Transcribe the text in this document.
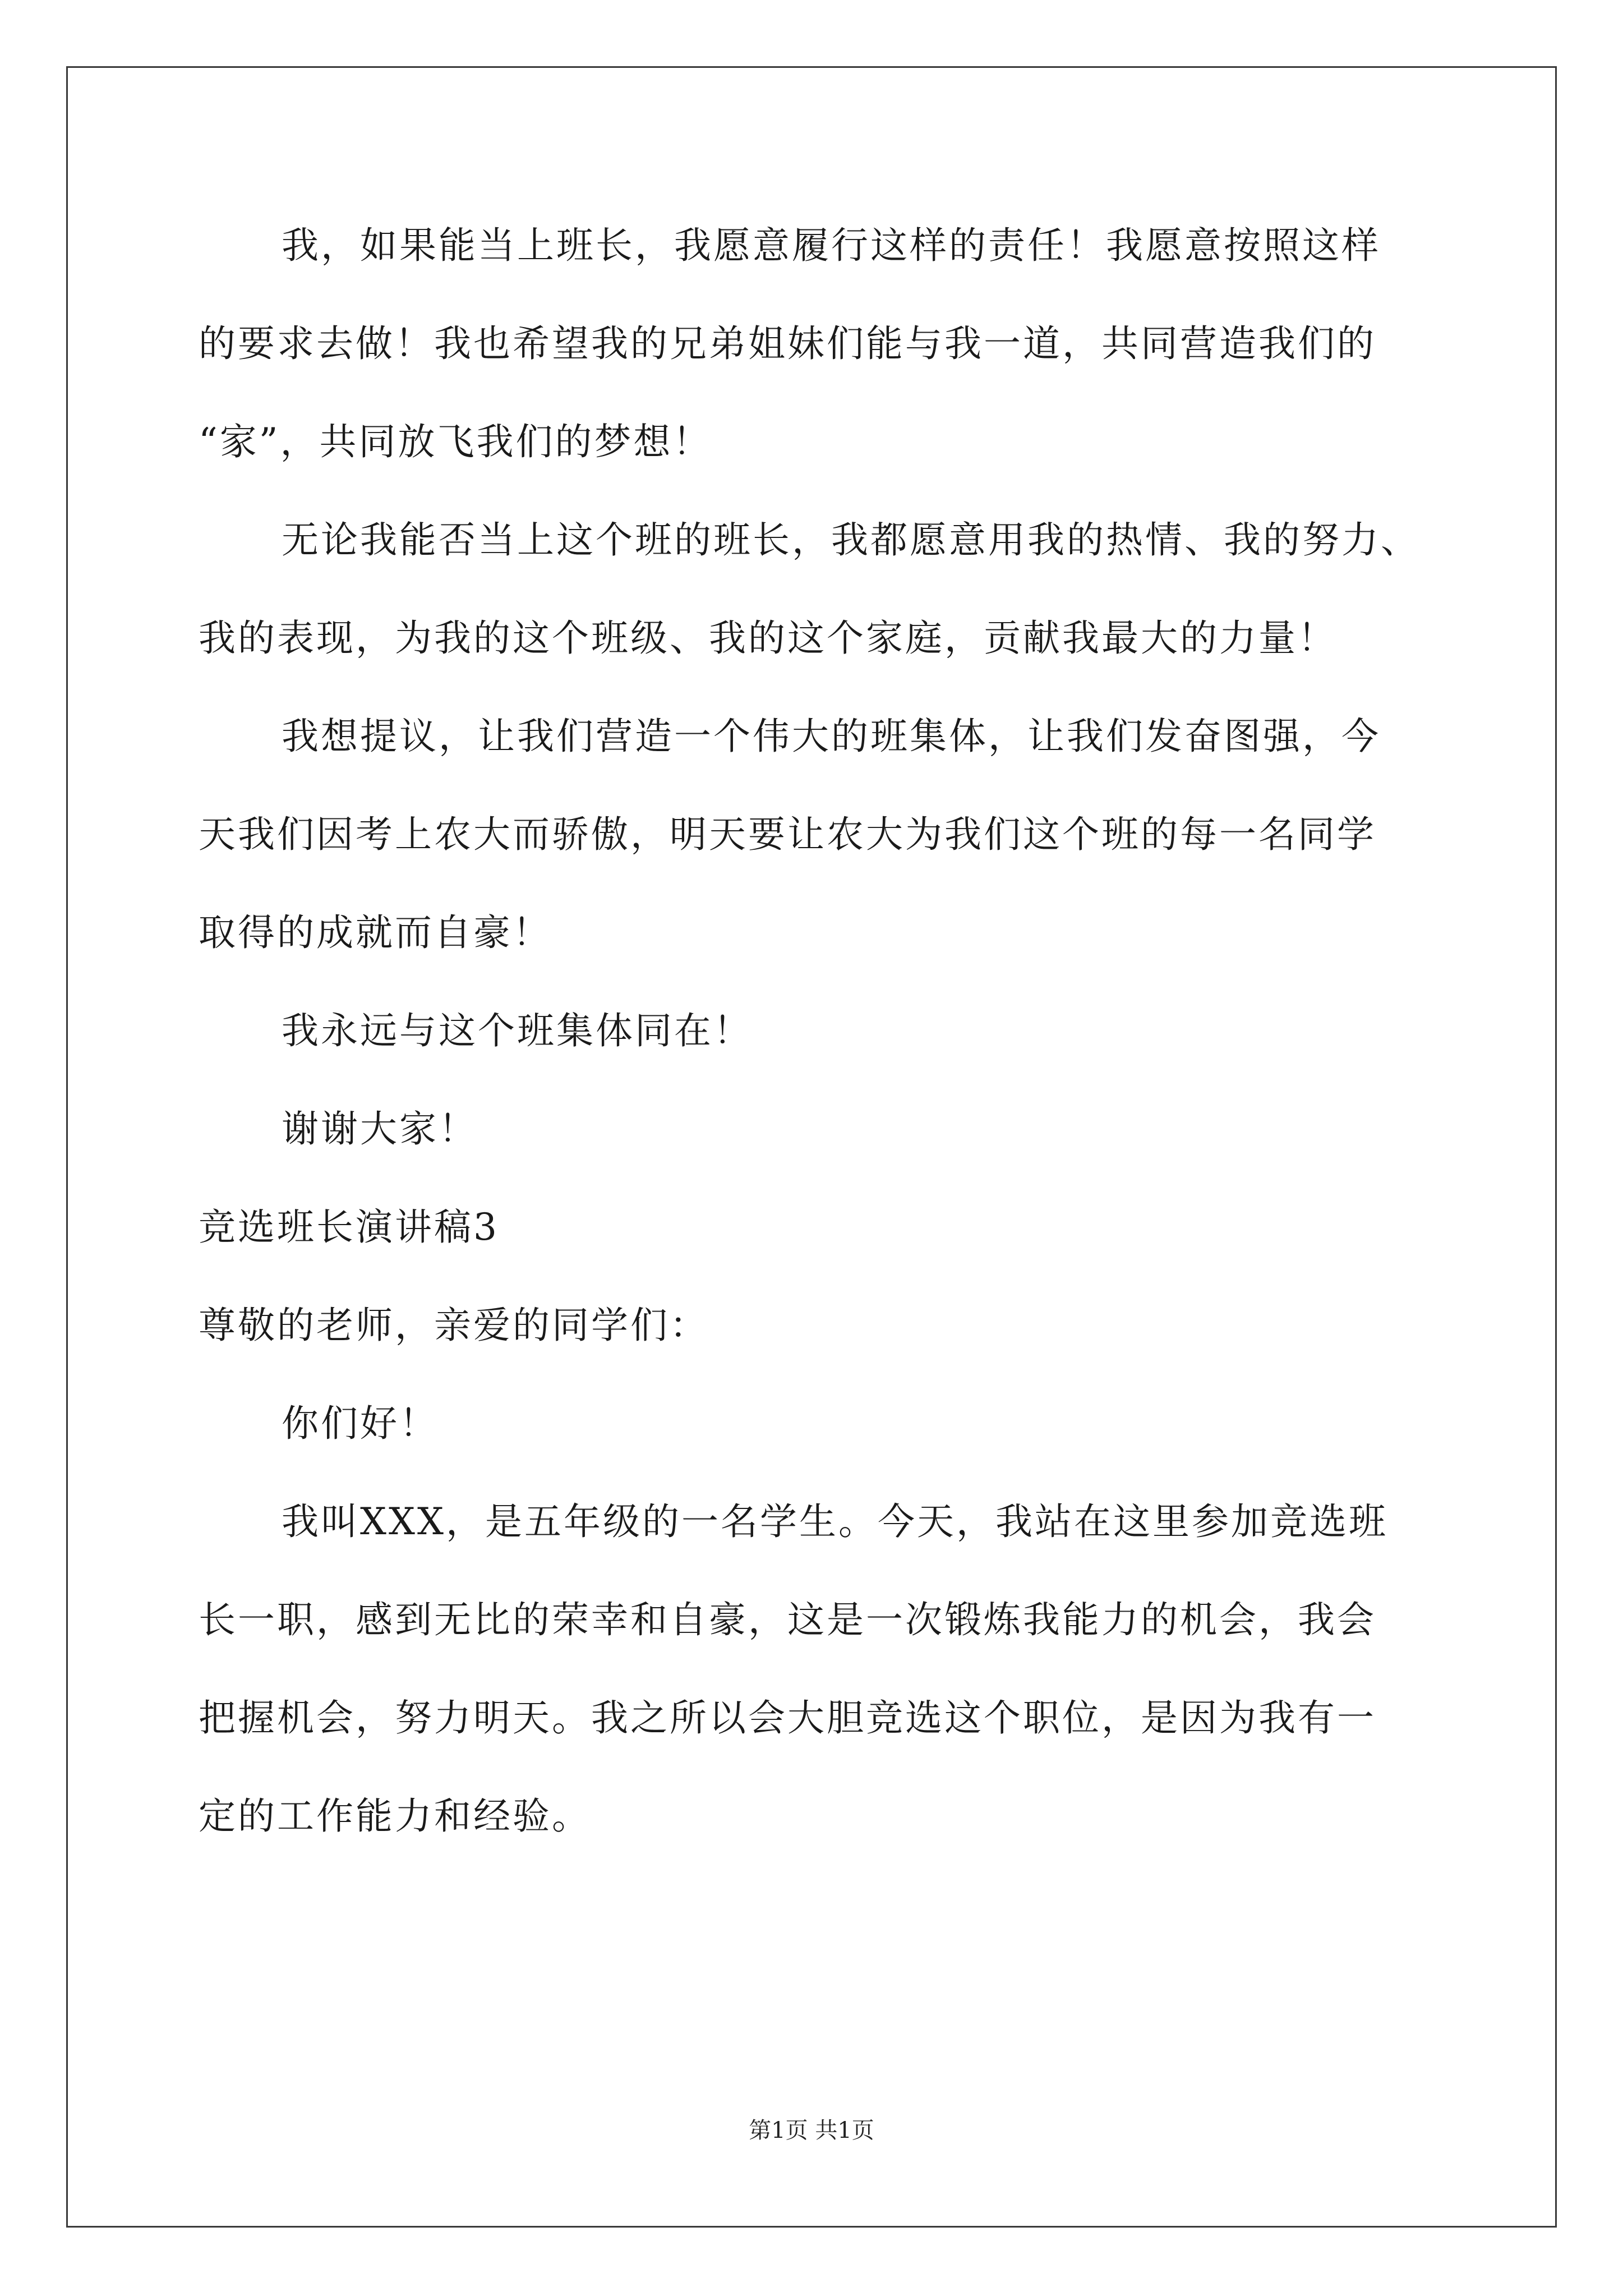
我，如果能当上班长，我愿意履行这样的责任！我愿意按照这样
的要求去做！我也希望我的兄弟姐妹们能与我一道，共同营造我们的
“家”，共同放飞我们的梦想！
无论我能否当上这个班的班长，我都愿意用我的热情、我的努力、
我的表现，为我的这个班级、我的这个家庭，贡献我最大的力量！
我想提议，让我们营造一个伟大的班集体，让我们发奋图强，今
天我们因考上农大而骄傲，明天要让农大为我们这个班的每一名同学
取得的成就而自豪！
我永远与这个班集体同在！
谢谢大家！
竞选班长演讲稿3
尊敬的老师，亲爱的同学们：
你们好！
我叫XXX，是五年级的一名学生。今天，我站在这里参加竞选班
长一职，感到无比的荣幸和自豪，这是一次锻炼我能力的机会，我会
把握机会，努力明天。我之所以会大胆竞选这个职位，是因为我有一
定的工作能力和经验。
第1页 共1页
